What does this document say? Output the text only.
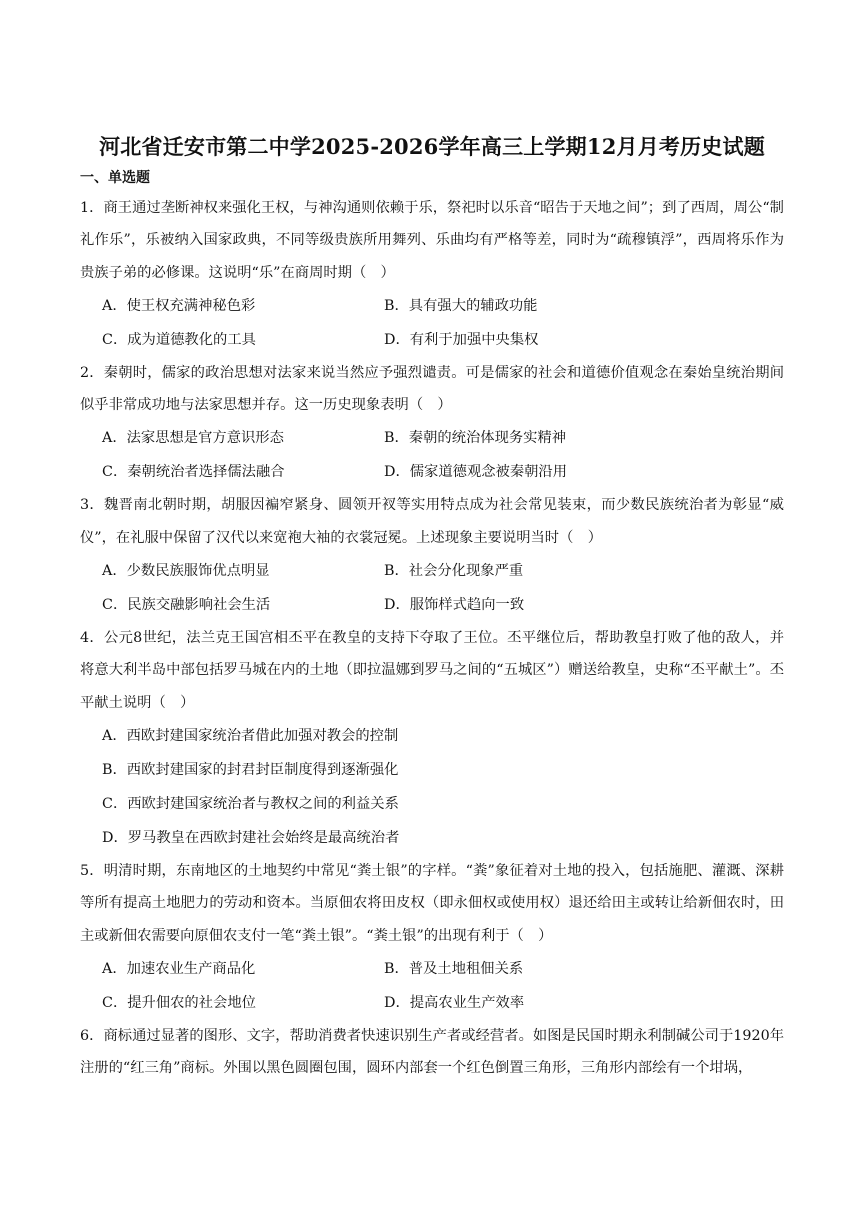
河北省迁安市第二中学2025-2026学年高三上学期12月月考历史试题
一、单选题

1．商王通过垄断神权来强化王权，与神沟通则依赖于乐，祭祀时以乐音“昭告于天地之间”；到了西周，周公“制礼作乐”，乐被纳入国家政典，不同等级贵族所用舞列、乐曲均有严格等差，同时为“疏穆镇浮”，西周将乐作为贵族子弟的必修课。这说明“乐”在商周时期（　）

A．使王权充满神秘色彩	B．具有强大的辅政功能
C．成为道德教化的工具	D．有利于加强中央集权

2．秦朝时，儒家的政治思想对法家来说当然应予强烈谴责。可是儒家的社会和道德价值观念在秦始皇统治期间似乎非常成功地与法家思想并存。这一历史现象表明（　）

A．法家思想是官方意识形态	B．秦朝的统治体现务实精神
C．秦朝统治者选择儒法融合	D．儒家道德观念被秦朝沿用

3．魏晋南北朝时期，胡服因褊窄紧身、圆领开衩等实用特点成为社会常见装束，而少数民族统治者为彰显“威仪”，在礼服中保留了汉代以来宽袍大袖的衣裳冠冕。上述现象主要说明当时（　）

A．少数民族服饰优点明显	B．社会分化现象严重
C．民族交融影响社会生活	D．服饰样式趋向一致

4．公元8世纪，法兰克王国宫相丕平在教皇的支持下夺取了王位。丕平继位后，帮助教皇打败了他的敌人，并将意大利半岛中部包括罗马城在内的土地（即拉温娜到罗马之间的“五城区”）赠送给教皇，史称“丕平献土”。丕平献土说明（　）

A．西欧封建国家统治者借此加强对教会的控制
B．西欧封建国家的封君封臣制度得到逐渐强化
C．西欧封建国家统治者与教权之间的利益关系
D．罗马教皇在西欧封建社会始终是最高统治者

5．明清时期，东南地区的土地契约中常见“粪土银”的字样。“粪”象征着对土地的投入，包括施肥、灌溉、深耕等所有提高土地肥力的劳动和资本。当原佃农将田皮权（即永佃权或使用权）退还给田主或转让给新佃农时，田主或新佃农需要向原佃农支付一笔“粪土银”。“粪土银”的出现有利于（　）

A．加速农业生产商品化	B．普及土地租佃关系
C．提升佃农的社会地位	D．提高农业生产效率

6．商标通过显著的图形、文字，帮助消费者快速识别生产者或经营者。如图是民国时期永利制碱公司于1920年注册的“红三角”商标。外围以黑色圆圈包围，圆环内部套一个红色倒置三角形，三角形内部绘有一个坩埚，
